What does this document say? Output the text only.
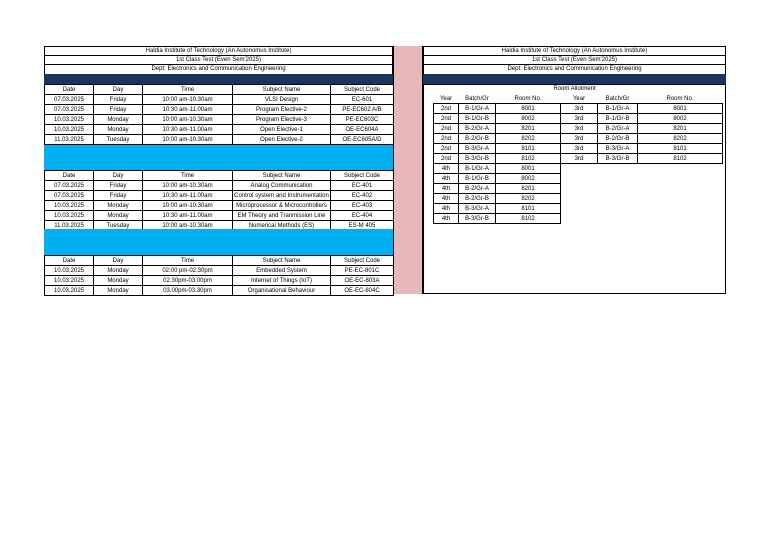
Haldia Institute of Technology (An Autonomus Institute)
1st Class Test (Even Sem'2025)
Dept: Electronics and Communication Engineering
Haldia Institute of Technology (An Autonomus Institute)
1st Class Test (Even Sem'2025)
Dept: Electronics and Communication Engineering
Date	Day	Time	Subject Name	Subject Code
07.03.2025	Friday	10:00 am-10.30am	VLSI Design	EC-601
07.03.2025	Friday	10:30 am-11.00am	Program Elective-2	PE-EC602 A/B
10.03.2025	Monday	10:00 am-10.30am	Program Elective-3	PE-EC603C
10.03.2025	Monday	10:30 am-11.00am	Open Elective-1	OE-EC604A
11.03.2025	Tuesday	10:00 am-10.30am	Open Elective-2	OE-EC605A/D
Date	Day	Time	Subject Name	Subject Code
07.03.2025	Friday	10:00 am-10.30am	Analog Communication	EC-401
07.03.2025	Friday	10:30 am-11.00am	Control system and Instrumentation	EC-402
10.03.2025	Monday	10:00 am-10.30am	Microprocessor & Microcontrollers	EC-403
10.03.2025	Monday	10:30 am-11.00am	EM Theory and Tranmission Line	EC-404
11.03.2025	Tuesday	10:00 am-10.30am	Numerical Methods (ES)	ES-M 405
Date	Day	Time	Subject Name	Subject Code
10.03.2025	Monday	02:00 pm-02.30pm	Embedded System	PE-EC-801C
10.03.2025	Monday	02.30pm-03.00pm	Internet of Things (IoT)	OE-EC-803A
10.03.2025	Monday	03.00pm-03.30pm	Organisational Behaviour	OE-EC-804C
Room Allotment
Year	Batch/Gr	Room No.
2nd	B-1/Gr-A	8001
2nd	B-1/Gr-B	8002
2nd	B-2/Gr-A	8201
2nd	B-2/Gr-B	8202
2nd	B-3/Gr-A	8101
2nd	B-3/Gr-B	8102
4th	B-1/Gr-A	8001
4th	B-1/Gr-B	8002
4th	B-2/Gr-A	8201
4th	B-2/Gr-B	8202
4th	B-3/Gr-A	8101
4th	B-3/Gr-B	8102
Year	Batch/Gr	Room No.
3rd	B-1/Gr-A	8001
3rd	B-1/Gr-B	8002
3rd	B-2/Gr-A	8201
3rd	B-2/Gr-B	8202
3rd	B-3/Gr-A	8101
3rd	B-3/Gr-B	8102
